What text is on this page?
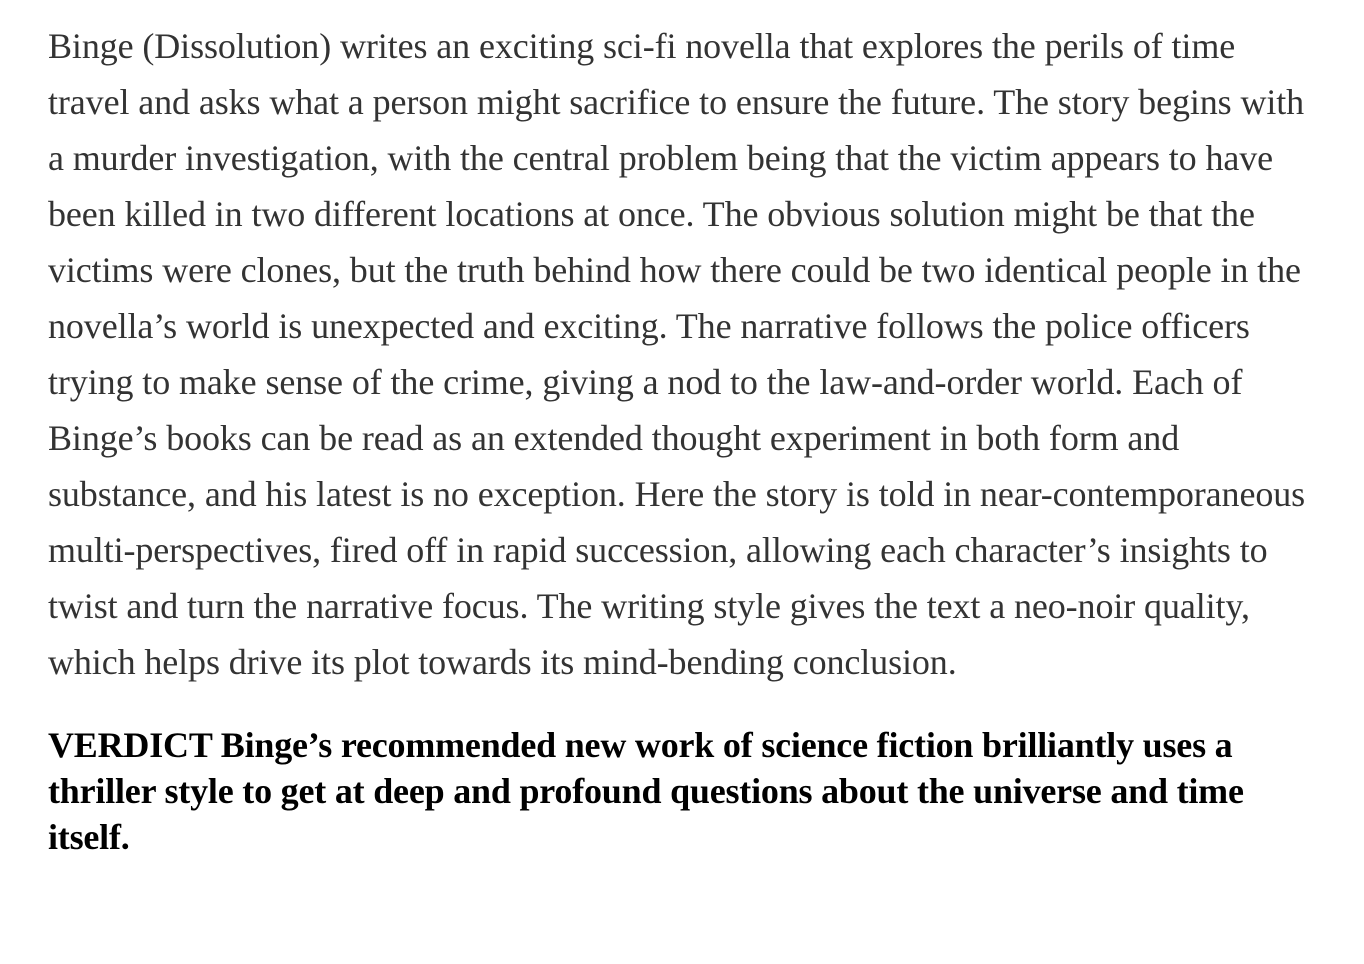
Binge (Dissolution) writes an exciting sci-fi novella that explores the perils of time travel and asks what a person might sacrifice to ensure the future. The story begins with a murder investigation, with the central problem being that the victim appears to have been killed in two different locations at once. The obvious solution might be that the victims were clones, but the truth behind how there could be two identical people in the novella’s world is unexpected and exciting. The narrative follows the police officers trying to make sense of the crime, giving a nod to the law-and-order world. Each of Binge’s books can be read as an extended thought experiment in both form and substance, and his latest is no exception. Here the story is told in near-contemporaneous multi-perspectives, fired off in rapid succession, allowing each character’s insights to twist and turn the narrative focus. The writing style gives the text a neo-noir quality, which helps drive its plot towards its mind-bending conclusion.

VERDICT Binge’s recommended new work of science fiction brilliantly uses a thriller style to get at deep and profound questions about the universe and time itself.
